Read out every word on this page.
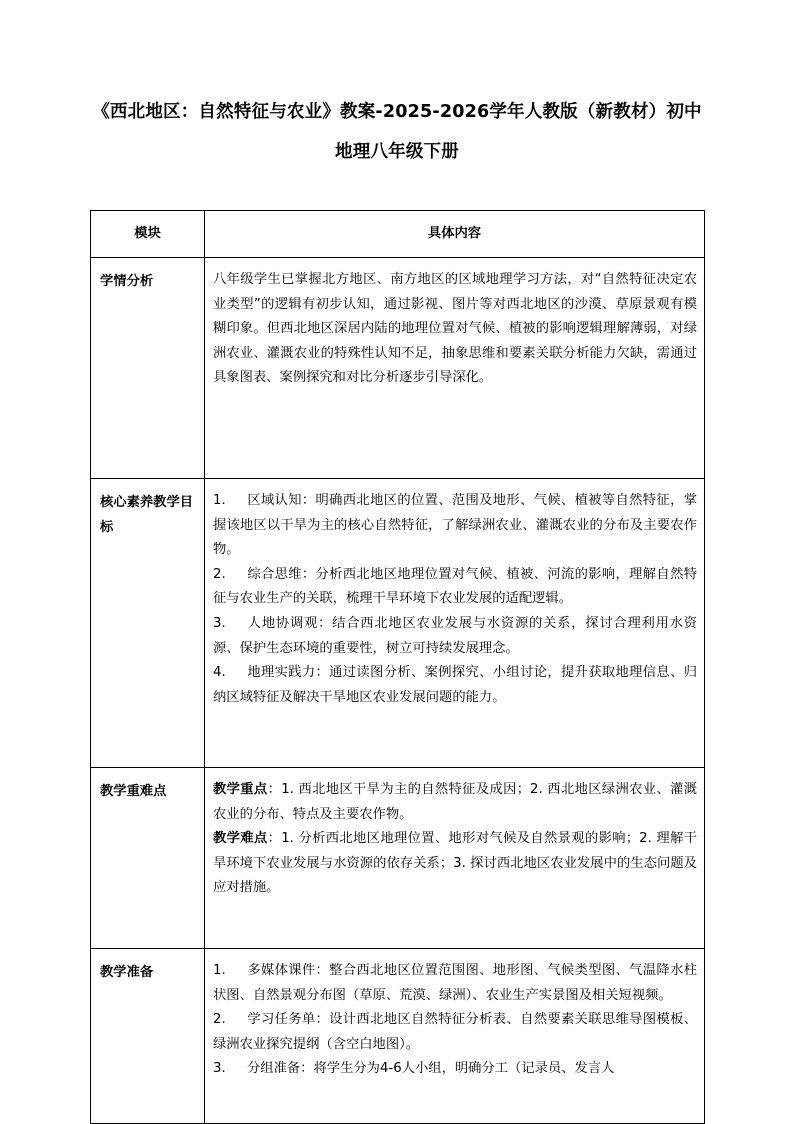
《西北地区：自然特征与农业》教案-2025-2026学年人教版（新教材）初中地理八年级下册
模块	具体内容
学情分析	八年级学生已掌握北方地区、南方地区的区域地理学习方法，对“自然特征决定农业类型”的逻辑有初步认知，通过影视、图片等对西北地区的沙漠、草原景观有模糊印象。但西北地区深居内陆的地理位置对气候、植被的影响逻辑理解薄弱，对绿洲农业、灌溉农业的特殊性认知不足，抽象思维和要素关联分析能力欠缺，需通过具象图表、案例探究和对比分析逐步引导深化。

核心素养教学目标	1. 区域认知：明确西北地区的位置、范围及地形、气候、植被等自然特征，掌握该地区以干旱为主的核心自然特征，了解绿洲农业、灌溉农业的分布及主要农作物。

2. 综合思维：分析西北地区地理位置对气候、植被、河流的影响，理解自然特征与农业生产的关联，梳理干旱环境下农业发展的适配逻辑。

3. 人地协调观：结合西北地区农业发展与水资源的关系，探讨合理利用水资源、保护生态环境的重要性，树立可持续发展理念。

4. 地理实践力：通过读图分析、案例探究、小组讨论，提升获取地理信息、归纳区域特征及解决干旱地区农业发展问题的能力。

教学重难点	教学重点：1. 西北地区干旱为主的自然特征及成因；2. 西北地区绿洲农业、灌溉农业的分布、特点及主要农作物。

教学难点：1. 分析西北地区地理位置、地形对气候及自然景观的影响；2. 理解干旱环境下农业发展与水资源的依存关系；3. 探讨西北地区农业发展中的生态问题及应对措施。

教学准备	1. 多媒体课件：整合西北地区位置范围图、地形图、气候类型图、气温降水柱状图、自然景观分布图（草原、荒漠、绿洲）、农业生产实景图及相关短视频。

2. 学习任务单：设计西北地区自然特征分析表、自然要素关联思维导图模板、绿洲农业探究提纲（含空白地图）。

3. 分组准备：将学生分为4-6人小组，明确分工（记录员、发言人
